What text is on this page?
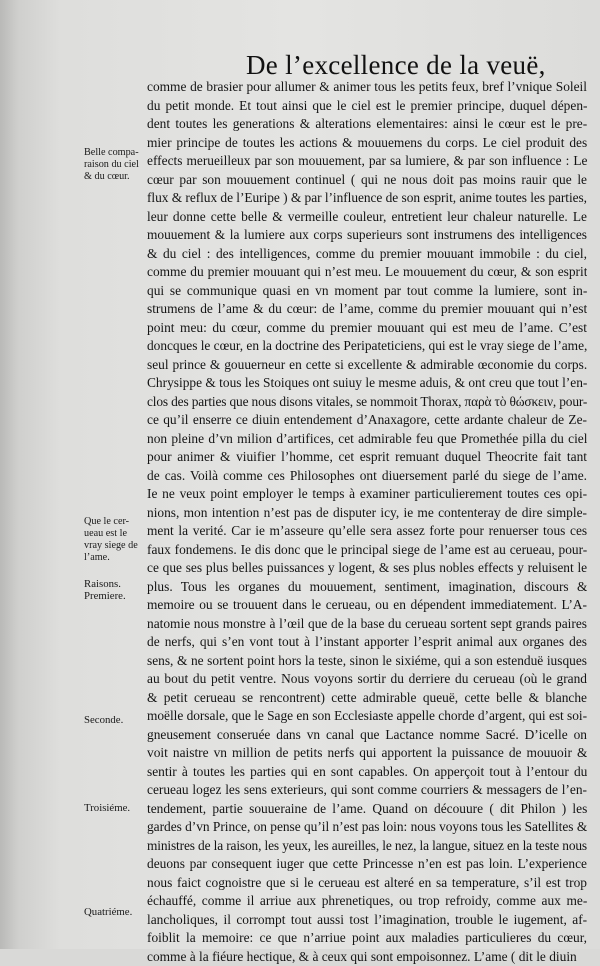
De l’excellence de la veuë,
Belle compa-
raison du ciel
& du cœur.
Que le cer-
ueau est le
vray siege de
l’ame.
Raisons.
Premiere.
Seconde.
Troisiéme.
Quatriéme.
comme de brasier pour allumer & animer tous les petits feux, bref l’vnique Soleil
du petit monde. Et tout ainsi que le ciel est le premier principe, duquel dépen-
dent toutes les generations & alterations elementaires: ainsi le cœur est le pre-
mier principe de toutes les actions & mouuemens du corps. Le ciel produit des
effects merueilleux par son mouuement, par sa lumiere, & par son influence : Le
cœur par son mouuement continuel ( qui ne nous doit pas moins rauir que le
flux & reflux de l’Euripe ) & par l’influence de son esprit, anime toutes les parties,
leur donne cette belle & vermeille couleur, entretient leur chaleur naturelle. Le
mouuement & la lumiere aux corps superieurs sont instrumens des intelligences
& du ciel : des intelligences, comme du premier mouuant immobile : du ciel,
comme du premier mouuant qui n’est meu. Le mouuement du cœur, & son esprit
qui se communique quasi en vn moment par tout comme la lumiere, sont in-
strumens de l’ame & du cœur: de l’ame, comme du premier mouuant qui n’est
point meu: du cœur, comme du premier mouuant qui est meu de l’ame. C’est
doncques le cœur, en la doctrine des Peripateticiens, qui est le vray siege de l’ame,
seul prince & gouuerneur en cette si excellente & admirable œconomie du corps.
Chrysippe & tous les Stoiques ont suiuy le mesme aduis, & ont creu que tout l’en-
clos des parties que nous disons vitales, se nommoit Thorax, παρὰ τὸ θώσκειν, pour-
ce qu’il enserre ce diuin entendement d’Anaxagore, cette ardante chaleur de Ze-
non pleine d’vn milion d’artifices, cet admirable feu que Promethée pilla du ciel
pour animer & viuifier l’homme, cet esprit remuant duquel Theocrite fait tant
de cas. Voilà comme ces Philosophes ont diuersement parlé du siege de l’ame.
Ie ne veux point employer le temps à examiner particulierement toutes ces opi-
nions, mon intention n’est pas de disputer icy, ie me contenteray de dire simple-
ment la verité. Car ie m’asseure qu’elle sera assez forte pour renuerser tous ces
faux fondemens. Ie dis donc que le principal siege de l’ame est au cerueau, pour-
ce que ses plus belles puissances y logent, & ses plus nobles effects y reluisent le
plus. Tous les organes du mouuement, sentiment, imagination, discours &
memoire ou se trouuent dans le cerueau, ou en dépendent immediatement. L’A-
natomie nous monstre à l’œil que de la base du cerueau sortent sept grands paires
de nerfs, qui s’en vont tout à l’instant apporter l’esprit animal aux organes des
sens, & ne sortent point hors la teste, sinon le sixiéme, qui a son estenduë iusques
au bout du petit ventre. Nous voyons sortir du derriere du cerueau (où le grand
& petit cerueau se rencontrent) cette admirable queuë, cette belle & blanche
moëlle dorsale, que le Sage en son Ecclesiaste appelle chorde d’argent, qui est soi-
gneusement conseruée dans vn canal que Lactance nomme Sacré. D’icelle on
voit naistre vn million de petits nerfs qui apportent la puissance de mouuoir &
sentir à toutes les parties qui en sont capables. On apperçoit tout à l’entour du
cerueau logez les sens exterieurs, qui sont comme courriers & messagers de l’en-
tendement, partie souueraine de l’ame. Quand on découure ( dit Philon ) les
gardes d’vn Prince, on pense qu’il n’est pas loin: nous voyons tous les Satellites &
ministres de la raison, les yeux, les aureilles, le nez, la langue, situez en la teste nous
deuons par consequent iuger que cette Princesse n’en est pas loin. L’experience
nous faict cognoistre que si le cerueau est alteré en sa temperature, s’il est trop
échauffé, comme il arriue aux phrenetiques, ou trop refroidy, comme aux me-
lancholiques, il corrompt tout aussi tost l’imagination, trouble le iugement, af-
foiblit la memoire: ce que n’arriue point aux maladies particulieres du cœur,
comme à la fiéure hectique, & à ceux qui sont empoisonnez. L’ame ( dit le diuin
